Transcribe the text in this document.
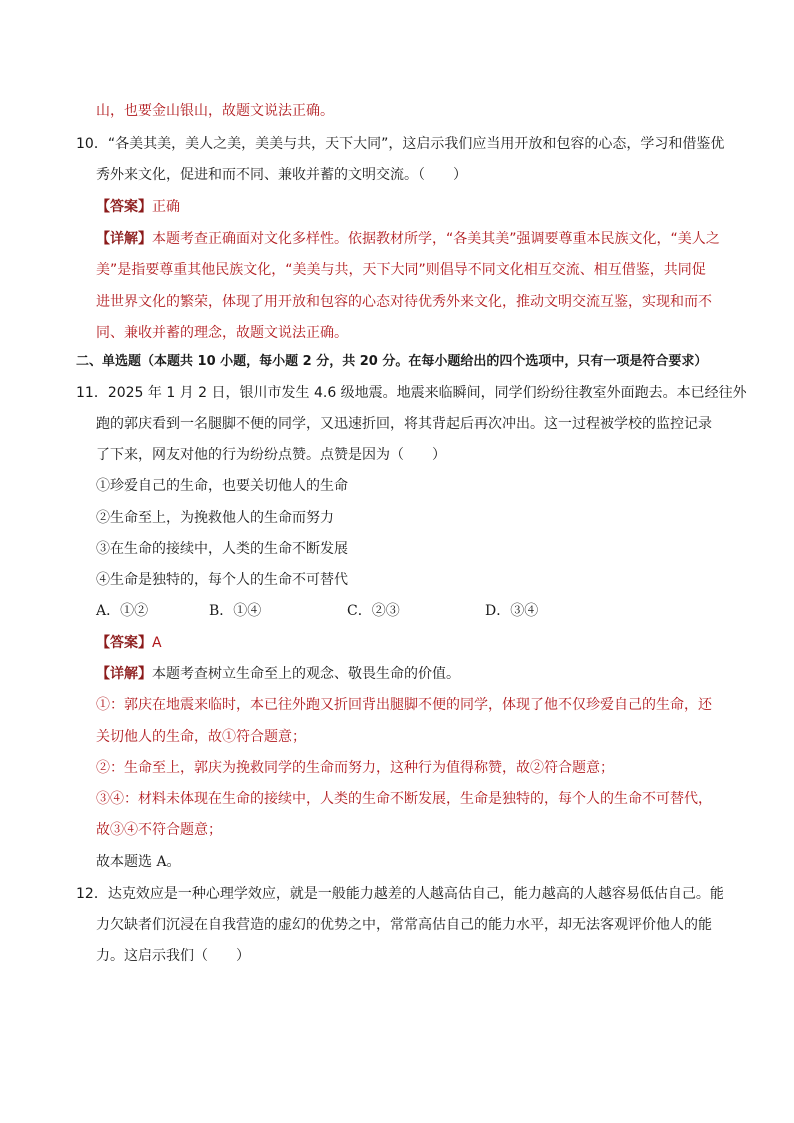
山，也要金山银山，故题文说法正确。
10．“各美其美，美人之美，美美与共，天下大同”，这启示我们应当用开放和包容的心态，学习和借鉴优
秀外来文化，促进和而不同、兼收并蓄的文明交流。（　　）
【答案】正确
【详解】本题考查正确面对文化多样性。依据教材所学，“各美其美”强调要尊重本民族文化，“美人之
美”是指要尊重其他民族文化，“美美与共，天下大同”则倡导不同文化相互交流、相互借鉴，共同促
进世界文化的繁荣，体现了用开放和包容的心态对待优秀外来文化，推动文明交流互鉴，实现和而不
同、兼收并蓄的理念，故题文说法正确。
二、单选题（本题共 10 小题，每小题 2 分，共 20 分。在每小题给出的四个选项中，只有一项是符合要求）
11．2025 年 1 月 2 日，银川市发生 4.6 级地震。地震来临瞬间，同学们纷纷往教室外面跑去。本已经往外
跑的郭庆看到一名腿脚不便的同学，又迅速折回，将其背起后再次冲出。这一过程被学校的监控记录
了下来，网友对他的行为纷纷点赞。点赞是因为（　　）
①珍爱自己的生命，也要关切他人的生命
②生命至上，为挽救他人的生命而努力
③在生命的接续中，人类的生命不断发展
④生命是独特的，每个人的生命不可替代
A．①②	B．①④	C．②③	D．③④
【答案】A
【详解】本题考查树立生命至上的观念、敬畏生命的价值。
①：郭庆在地震来临时，本已往外跑又折回背出腿脚不便的同学，体现了他不仅珍爱自己的生命，还
关切他人的生命，故①符合题意；
②：生命至上，郭庆为挽救同学的生命而努力，这种行为值得称赞，故②符合题意；
③④：材料未体现在生命的接续中，人类的生命不断发展，生命是独特的，每个人的生命不可替代，
故③④不符合题意；
故本题选 A。
12．达克效应是一种心理学效应，就是一般能力越差的人越高估自己，能力越高的人越容易低估自己。能
力欠缺者们沉浸在自我营造的虚幻的优势之中，常常高估自己的能力水平，却无法客观评价他人的能
力。这启示我们（　　）
